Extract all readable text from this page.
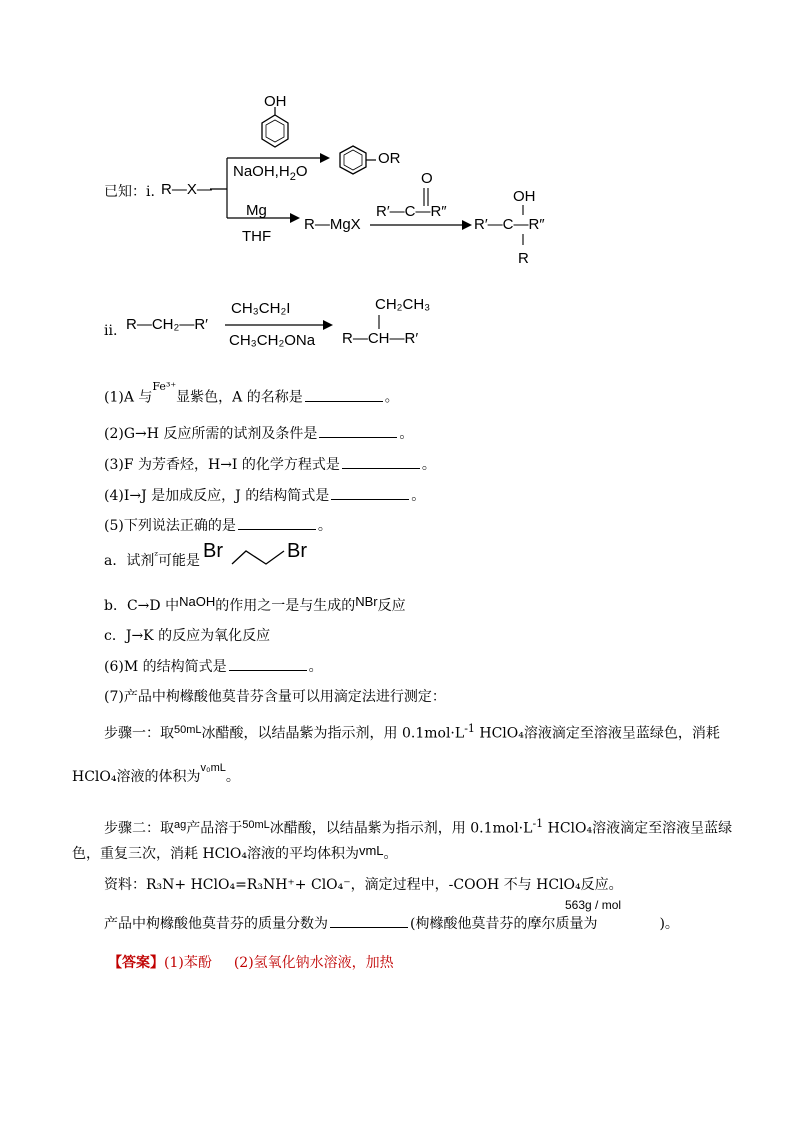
已知：i. R—X—
OH
$NaOH,H_2O$
OR
Mg
THF
R—MgX
O
R′—C—R″
OH
R′—C—R″
R
ii. R—CH₂—R′
CH₃CH₂I
CH₃CH₂ONa
CH₂CH₃
R—CH—R′
(1)A 与$^{Fe^{3+}}$显紫色，A 的名称是	。
(2)G→H 反应所需的试剂及条件是	。
(3)F 为芳香烃，H→I 的化学方程式是	。
(4)I→J 是加成反应，J 的结构简式是	。
(5)下列说法正确的是	。
a．试剂$^ᶻ$可能是 Br	Br
b．C→D 中NaOH的作用之一是与生成的NBr反应
c．J→K 的反应为氧化反应
(6)M 的结构简式是	。
(7)产品中枸橼酸他莫昔芬含量可以用滴定法进行测定：
步骤一：取$^{50mL}$冰醋酸，以结晶紫为指示剂，用 $0.1mol\cdot L^{-1}$ HClO₄溶液滴定至溶液呈蓝绿色，消耗
HClO₄溶液的体积为$^{v_0mL}$。
步骤二：取$^{ag}$产品溶于$^{50mL}$冰醋酸，以结晶紫为指示剂，用 $0.1mol\cdot L^{-1}$ HClO₄溶液滴定至溶液呈蓝绿
色，重复三次，消耗 HClO₄溶液的平均体积为vmL。
资料：R₃N+ HClO₄=R₃NH⁺+ ClO₄⁻，滴定过程中，-COOH 不与 HClO₄反应。
563g / mol
产品中枸橼酸他莫昔芬的质量分数为	(枸橼酸他莫昔芬的摩尔质量为	)。
【答案】(1)苯酚 (2)氢氧化钠水溶液，加热
